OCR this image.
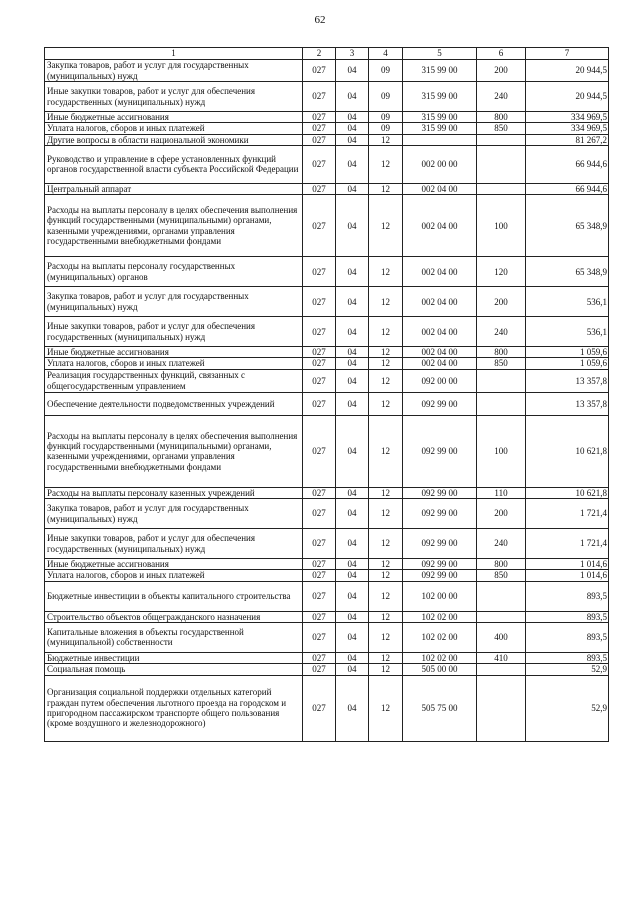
62
1	2	3	4	5	6	7
Закупка товаров, работ и услуг для государственных (муниципальных) нужд	027	04	09	315 99 00	200	20 944,5
Иные закупки товаров, работ и услуг для обеспечения государственных (муниципальных) нужд	027	04	09	315 99 00	240	20 944,5
Иные бюджетные ассигнования	027	04	09	315 99 00	800	334 969,5
Уплата налогов, сборов и иных платежей	027	04	09	315 99 00	850	334 969,5
Другие вопросы в области национальной экономики	027	04	12			81 267,2
Руководство и управление в сфере установленных функций органов государственной власти субъекта Российской Федерации	027	04	12	002 00 00		66 944,6
Центральный аппарат	027	04	12	002 04 00		66 944,6
Расходы на выплаты персоналу в целях обеспечения выполнения функций государственными (муниципальными) органами, казенными учреждениями, органами управления государственными внебюджетными фондами	027	04	12	002 04 00	100	65 348,9
Расходы на выплаты персоналу государственных (муниципальных) органов	027	04	12	002 04 00	120	65 348,9
Закупка товаров, работ и услуг для государственных (муниципальных) нужд	027	04	12	002 04 00	200	536,1
Иные закупки товаров, работ и услуг для обеспечения государственных (муниципальных) нужд	027	04	12	002 04 00	240	536,1
Иные бюджетные ассигнования	027	04	12	002 04 00	800	1 059,6
Уплата налогов, сборов и иных платежей	027	04	12	002 04 00	850	1 059,6
Реализация государственных функций, связанных с общегосударственным управлением	027	04	12	092 00 00		13 357,8
Обеспечение деятельности подведомственных учреждений	027	04	12	092 99 00		13 357,8
Расходы на выплаты персоналу в целях обеспечения выполнения функций государственными (муниципальными) органами, казенными учреждениями, органами управления государственными внебюджетными фондами	027	04	12	092 99 00	100	10 621,8
Расходы на выплаты персоналу казенных учреждений	027	04	12	092 99 00	110	10 621,8
Закупка товаров, работ и услуг для государственных (муниципальных) нужд	027	04	12	092 99 00	200	1 721,4
Иные закупки товаров, работ и услуг для обеспечения государственных (муниципальных) нужд	027	04	12	092 99 00	240	1 721,4
Иные бюджетные ассигнования	027	04	12	092 99 00	800	1 014,6
Уплата налогов, сборов и иных платежей	027	04	12	092 99 00	850	1 014,6
Бюджетные инвестиции в объекты капитального строительства	027	04	12	102 00 00		893,5
Строительство объектов общегражданского назначения	027	04	12	102 02 00		893,5
Капитальные вложения в объекты государственной (муниципальной) собственности	027	04	12	102 02 00	400	893,5
Бюджетные инвестиции	027	04	12	102 02 00	410	893,5
Социальная помощь	027	04	12	505 00 00		52,9
Организация социальной поддержки отдельных категорий граждан путем обеспечения льготного проезда на городском и пригородном пассажирском транспорте общего пользования (кроме воздушного и железнодорожного)	027	04	12	505 75 00		52,9
